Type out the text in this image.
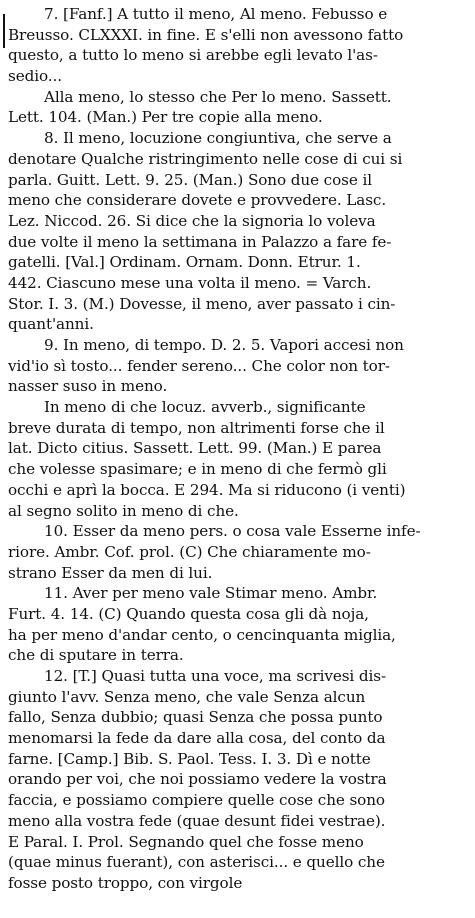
7. [Fanf.] A tutto il meno, Al meno. Febusso e
Breusso. CLXXXI. in fine. E s'elli non avessono fatto
questo, a tutto lo meno si arebbe egli levato l'as-
sedio...
Alla meno, lo stesso che Per lo meno. Sassett.
Lett. 104. (Man.) Per tre copie alla meno.
8. Il meno, locuzione congiuntiva, che serve a
denotare Qualche ristringimento nelle cose di cui si
parla. Guitt. Lett. 9. 25. (Man.) Sono due cose il
meno che considerare dovete e provvedere. Lasc.
Lez. Niccod. 26. Si dice che la signoria lo voleva
due volte il meno la settimana in Palazzo a fare fe-
gatelli. [Val.] Ordinam. Ornam. Donn. Etrur. 1.
442. Ciascuno mese una volta il meno. = Varch.
Stor. I. 3. (M.) Dovesse, il meno, aver passato i cin-
quant'anni.
9. In meno, di tempo. D. 2. 5. Vapori accesi non
vid'io sì tosto... fender sereno... Che color non tor-
nasser suso in meno.
In meno di che locuz. avverb., significante
breve durata di tempo, non altrimenti forse che il
lat. Dicto citius. Sassett. Lett. 99. (Man.) E parea
che volesse spasimare; e in meno di che fermò gli
occhi e aprì la bocca. E 294. Ma si riducono (i venti)
al segno solito in meno di che.
10. Esser da meno pers. o cosa vale Esserne infe-
riore. Ambr. Cof. prol. (C) Che chiaramente mo-
strano Esser da men di lui.
11. Aver per meno vale Stimar meno. Ambr.
Furt. 4. 14. (C) Quando questa cosa gli dà noja,
ha per meno d'andar cento, o cencinquanta miglia,
che di sputare in terra.
12. [T.] Quasi tutta una voce, ma scrivesi dis-
giunto l'avv. Senza meno, che vale Senza alcun
fallo, Senza dubbio; quasi Senza che possa punto
menomarsi la fede da dare alla cosa, del conto da
farne. [Camp.] Bib. S. Paol. Tess. I. 3. Dì e notte
orando per voi, che noi possiamo vedere la vostra
faccia, e possiamo compiere quelle cose che sono
meno alla vostra fede (quae desunt fidei vestrae).
E Paral. I. Prol. Segnando quel che fosse meno
(quae minus fuerant), con asterisci... e quello che
fosse posto troppo, con virgole
